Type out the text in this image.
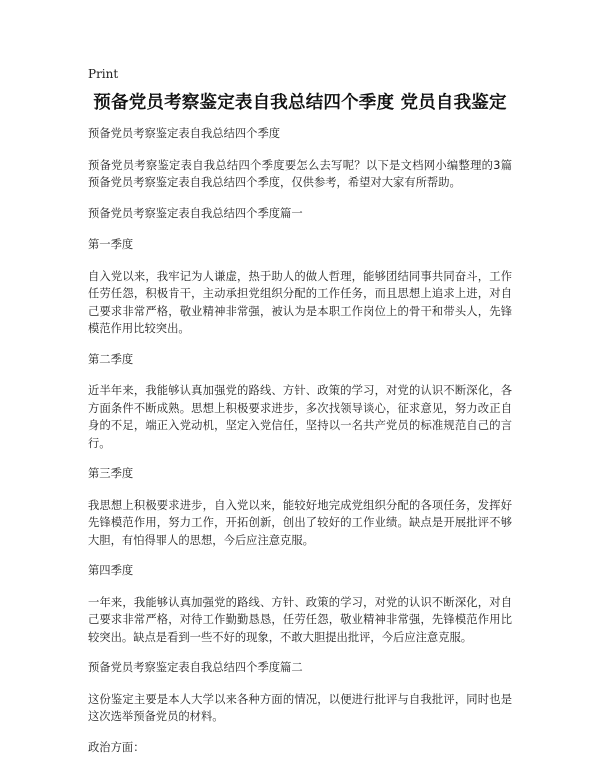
Print
预备党员考察鉴定表自我总结四个季度 党员自我鉴定

预备党员考察鉴定表自我总结四个季度

预备党员考察鉴定表自我总结四个季度要怎么去写呢？以下是文档网小编整理的3篇预备党员考察鉴定表自我总结四个季度，仅供参考，希望对大家有所帮助。

预备党员考察鉴定表自我总结四个季度篇一

第一季度

自入党以来，我牢记为人谦虚，热于助人的做人哲理，能够团结同事共同奋斗，工作任劳任怨，积极肯干，主动承担党组织分配的工作任务，而且思想上追求上进，对自己要求非常严格，敬业精神非常强，被认为是本职工作岗位上的骨干和带头人，先锋模范作用比较突出。

第二季度

近半年来，我能够认真加强党的路线、方针、政策的学习，对党的认识不断深化，各方面条件不断成熟。思想上积极要求进步，多次找领导谈心，征求意见，努力改正自身的不足，端正入党动机，坚定入党信任，坚持以一名共产党员的标准规范自己的言行。

第三季度

我思想上积极要求进步，自入党以来，能较好地完成党组织分配的各项任务，发挥好先锋模范作用，努力工作，开拓创新，创出了较好的工作业绩。缺点是开展批评不够大胆，有怕得罪人的思想，今后应注意克服。

第四季度

一年来，我能够认真加强党的路线、方针、政策的学习，对党的认识不断深化，对自己要求非常严格，对待工作勤勤恳恳，任劳任怨，敬业精神非常强，先锋模范作用比较突出。缺点是看到一些不好的现象，不敢大胆提出批评，今后应注意克服。

预备党员考察鉴定表自我总结四个季度篇二

这份鉴定主要是本人大学以来各种方面的情况，以便进行批评与自我批评，同时也是这次选举预备党员的材料。

政治方面：
